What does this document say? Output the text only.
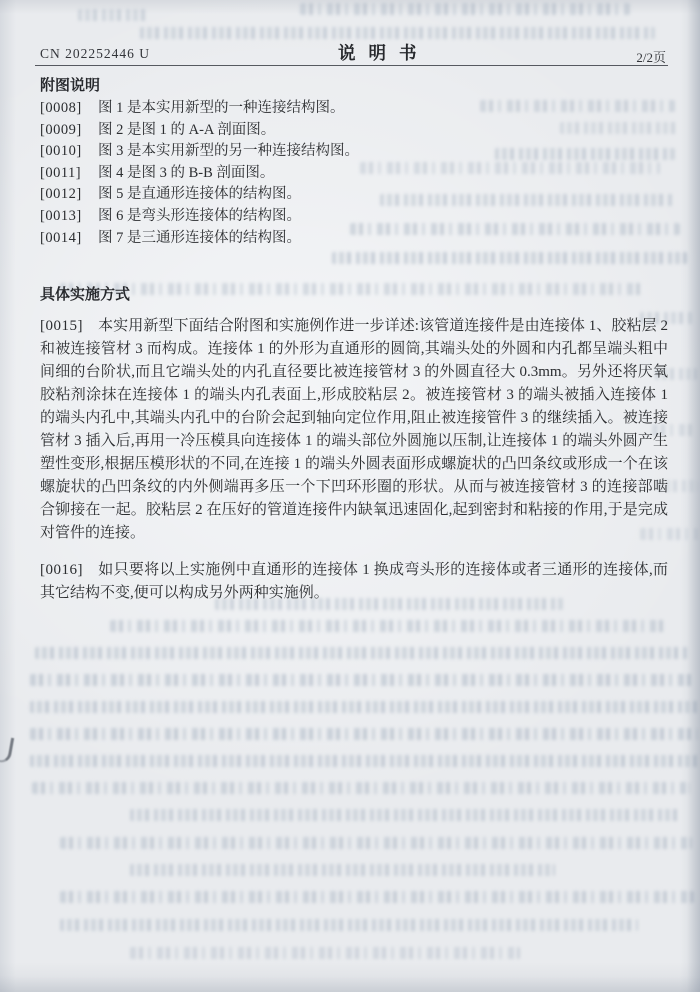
CN 202252446 U	说明书	2/2页
附图说明

[0008] 图 1 是本实用新型的一种连接结构图。

[0009] 图 2 是图 1 的 A-A 剖面图。

[0010] 图 3 是本实用新型的另一种连接结构图。

[0011] 图 4 是图 3 的 B-B 剖面图。

[0012] 图 5 是直通形连接体的结构图。

[0013] 图 6 是弯头形连接体的结构图。

[0014] 图 7 是三通形连接体的结构图。

具体实施方式

[0015] 本实用新型下面结合附图和实施例作进一步详述:该管道连接件是由连接体 1、胶粘层 2 和被连接管材 3 而构成。连接体 1 的外形为直通形的圆筒,其端头处的外圆和内孔都呈端头粗中间细的台阶状,而且它端头处的内孔直径要比被连接管材 3 的外圆直径大 0.3mm。另外还将厌氧胶粘剂涂抹在连接体 1 的端头内孔表面上,形成胶粘层 2。被连接管材 3 的端头被插入连接体 1 的端头内孔中,其端头内孔中的台阶会起到轴向定位作用,阻止被连接管件 3 的继续插入。被连接管材 3 插入后,再用一冷压模具向连接体 1 的端头部位外圆施以压制,让连接体 1 的端头外圆产生塑性变形,根据压模形状的不同,在连接 1 的端头外圆表面形成螺旋状的凸凹条纹或形成一个在该螺旋状的凸凹条纹的内外侧端再多压一个下凹环形圈的形状。从而与被连接管材 3 的连接部啮合铆接在一起。胶粘层 2 在压好的管道连接件内缺氧迅速固化,起到密封和粘接的作用,于是完成对管件的连接。

[0016] 如只要将以上实施例中直通形的连接体 1 换成弯头形的连接体或者三通形的连接体,而其它结构不变,便可以构成另外两种实施例。
